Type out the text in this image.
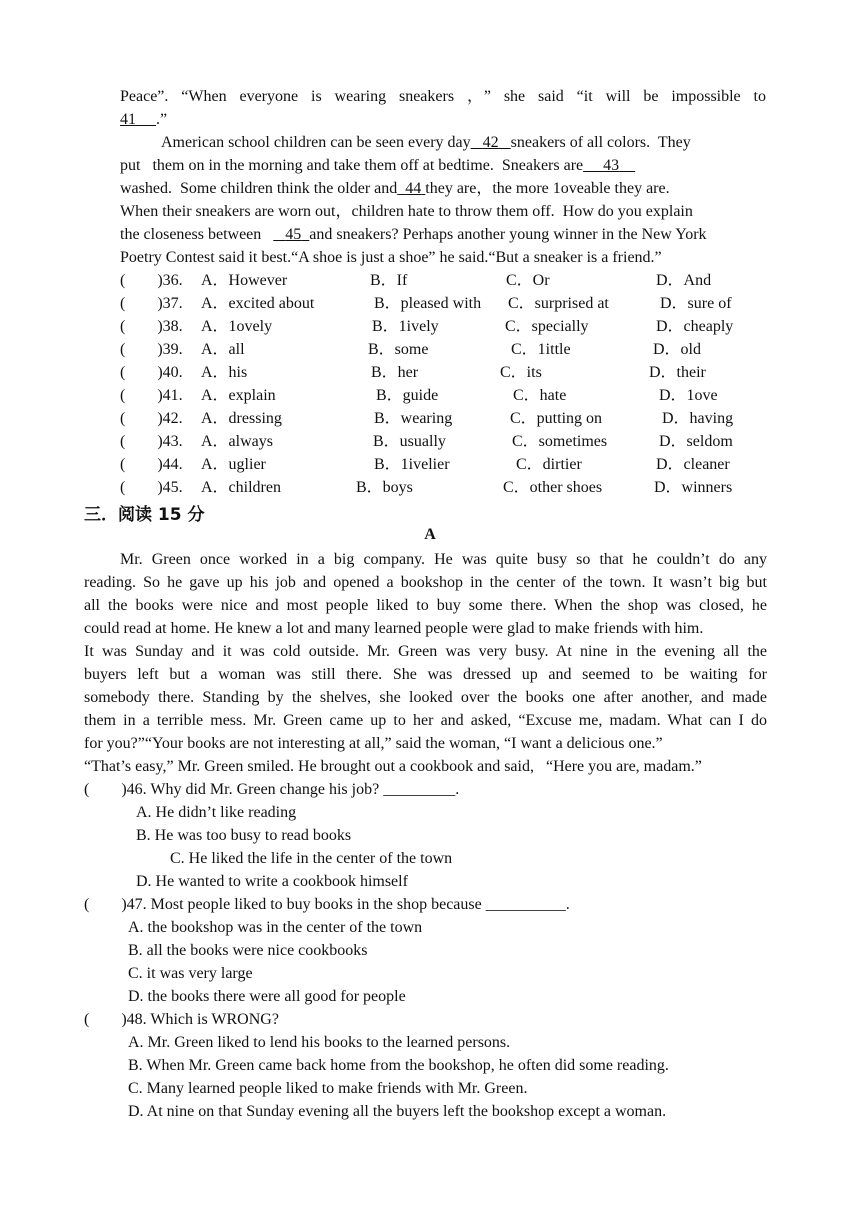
Peace”. “When everyone is wearing sneakers ，” she said “it will be impossible to
41 .”
American school children can be seen every day 42 sneakers of all colors.  They
put   them on in the morning and take them off at bedtime.  Sneakers are 43
washed.  Some children think the older and 44 they are，the more 1oveable they are.
When their sneakers are worn out，children hate to throw them off.  How do you explain
the closeness between 45 and sneakers? Perhaps another young winner in the New York
Poetry Contest said it best.“A shoe is just a shoe” he said.“But a sneaker is a friend.”
(        )36. A．However	B．If	C．Or	D．And
(        )37. A．excited about	B．pleased with C．surprised at	D．sure of
(        )38. A．1ovely	B．1ively	C．specially	D．cheaply
(        )39. A．all	B．some	C．1ittle	D．old
(        )40. A．his	B．her	C．its	D．their
(        )41. A．explain	B．guide	C．hate	D．1ove
(        )42. A．dressing	B．wearing	C．putting on	D．having
(        )43. A．always	B．usually	C．sometimes	D．seldom
(        )44. A．uglier	B．1ivelier	C．dirtier	D．cleaner
(        )45. A．children	B．boys	C．other shoes	D．winners
三．阅读 15 分
A
Mr. Green once worked in a big company. He was quite busy so that he couldn’t do any
reading. So he gave up his job and opened a bookshop in the center of the town. It wasn’t big but
all the books were nice and most people liked to buy some there. When the shop was closed, he
could read at home. He knew a lot and many learned people were glad to make friends with him.
It was Sunday and it was cold outside. Mr. Green was very busy. At nine in the evening all the
buyers left but a woman was still there. She was dressed up and seemed to be waiting for
somebody there. Standing by the shelves, she looked over the books one after another, and made
them in a terrible mess. Mr. Green came up to her and asked, “Excuse me, madam. What can I do
for you?”“Your books are not interesting at all,” said the woman, “I want a delicious one.”
“That’s easy,” Mr. Green smiled. He brought out a cookbook and said,   “Here you are, madam.”
(        )46. Why did Mr. Green change his job? _________.
A. He didn’t like reading
B. He was too busy to read books
C. He liked the life in the center of the town
D. He wanted to write a cookbook himself
(        )47. Most people liked to buy books in the shop because __________.
A. the bookshop was in the center of the town
B. all the books were nice cookbooks
C. it was very large
D. the books there were all good for people
(        )48. Which is WRONG?
A. Mr. Green liked to lend his books to the learned persons.
B. When Mr. Green came back home from the bookshop, he often did some reading.
C. Many learned people liked to make friends with Mr. Green.
D. At nine on that Sunday evening all the buyers left the bookshop except a woman.
